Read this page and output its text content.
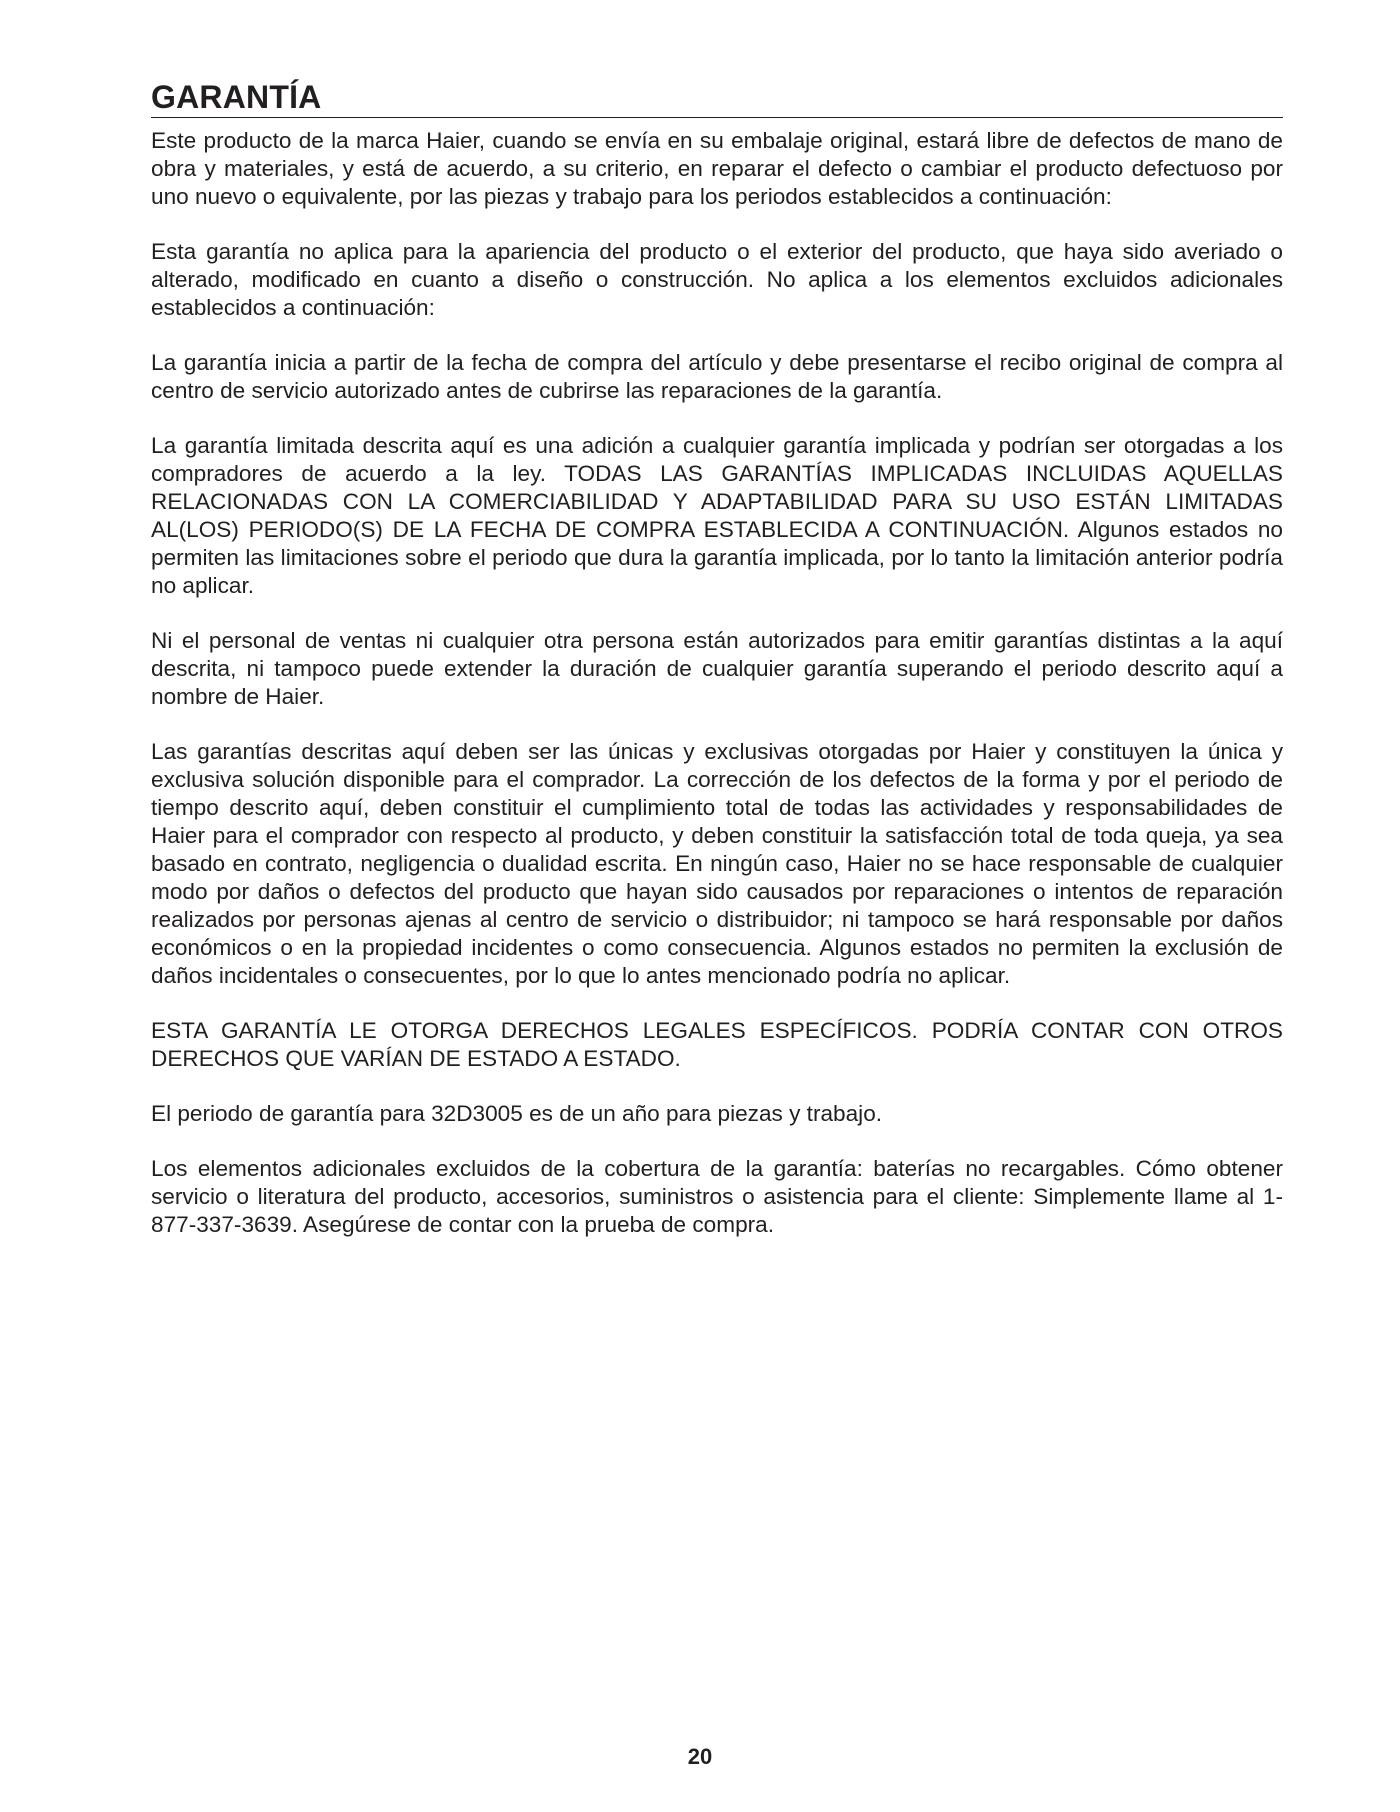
GARANTÍA

Este producto de la marca Haier, cuando se envía en su embalaje original, estará libre de defectos de mano de obra y materiales, y está de acuerdo, a su criterio, en reparar el defecto o cambiar el producto defectuoso por uno nuevo o equivalente, por las piezas y trabajo para los periodos establecidos a continuación:

Esta garantía no aplica para la apariencia del producto o el exterior del producto, que haya sido averiado o alterado, modificado en cuanto a diseño o construcción. No aplica a los elementos excluidos adicionales establecidos a continuación:

La garantía inicia a partir de la fecha de compra del artículo y debe presentarse el recibo original de compra al centro de servicio autorizado antes de cubrirse las reparaciones de la garantía.

La garantía limitada descrita aquí es una adición a cualquier garantía implicada y podrían ser otorgadas a los compradores de acuerdo a la ley. TODAS LAS GARANTÍAS IMPLICADAS INCLUIDAS AQUELLAS RELACIONADAS CON LA COMERCIABILIDAD Y ADAPTABILIDAD PARA SU USO ESTÁN LIMITADAS AL(LOS) PERIODO(S) DE LA FECHA DE COMPRA ESTABLECIDA A CONTINUACIÓN. Algunos estados no permiten las limitaciones sobre el periodo que dura la garantía implicada, por lo tanto la limitación anterior podría no aplicar.

Ni el personal de ventas ni cualquier otra persona están autorizados para emitir garantías distintas a la aquí descrita, ni tampoco puede extender la duración de cualquier garantía superando el periodo descrito aquí a nombre de Haier.

Las garantías descritas aquí deben ser las únicas y exclusivas otorgadas por Haier y constituyen la única y exclusiva solución disponible para el comprador. La corrección de los defectos de la forma y por el periodo de tiempo descrito aquí, deben constituir el cumplimiento total de todas las actividades y responsabilidades de Haier para el comprador con respecto al producto, y deben constituir la satisfacción total de toda queja, ya sea basado en contrato, negligencia o dualidad escrita. En ningún caso, Haier no se hace responsable de cualquier modo por daños o defectos del producto que hayan sido causados por reparaciones o intentos de reparación realizados por personas ajenas al centro de servicio o distribuidor; ni tampoco se hará responsable por daños económicos o en la propiedad incidentes o como consecuencia. Algunos estados no permiten la exclusión de daños incidentales o consecuentes, por lo que lo antes mencionado podría no aplicar.

ESTA GARANTÍA LE OTORGA DERECHOS LEGALES ESPECÍFICOS. PODRÍA CONTAR CON OTROS DERECHOS QUE VARÍAN DE ESTADO A ESTADO.

El periodo de garantía para 32D3005 es de un año para piezas y trabajo.

Los elementos adicionales excluidos de la cobertura de la garantía: baterías no recargables. Cómo obtener servicio o literatura del producto, accesorios, suministros o asistencia para el cliente: Simplemente llame al 1-877-337-3639. Asegúrese de contar con la prueba de compra.

20
